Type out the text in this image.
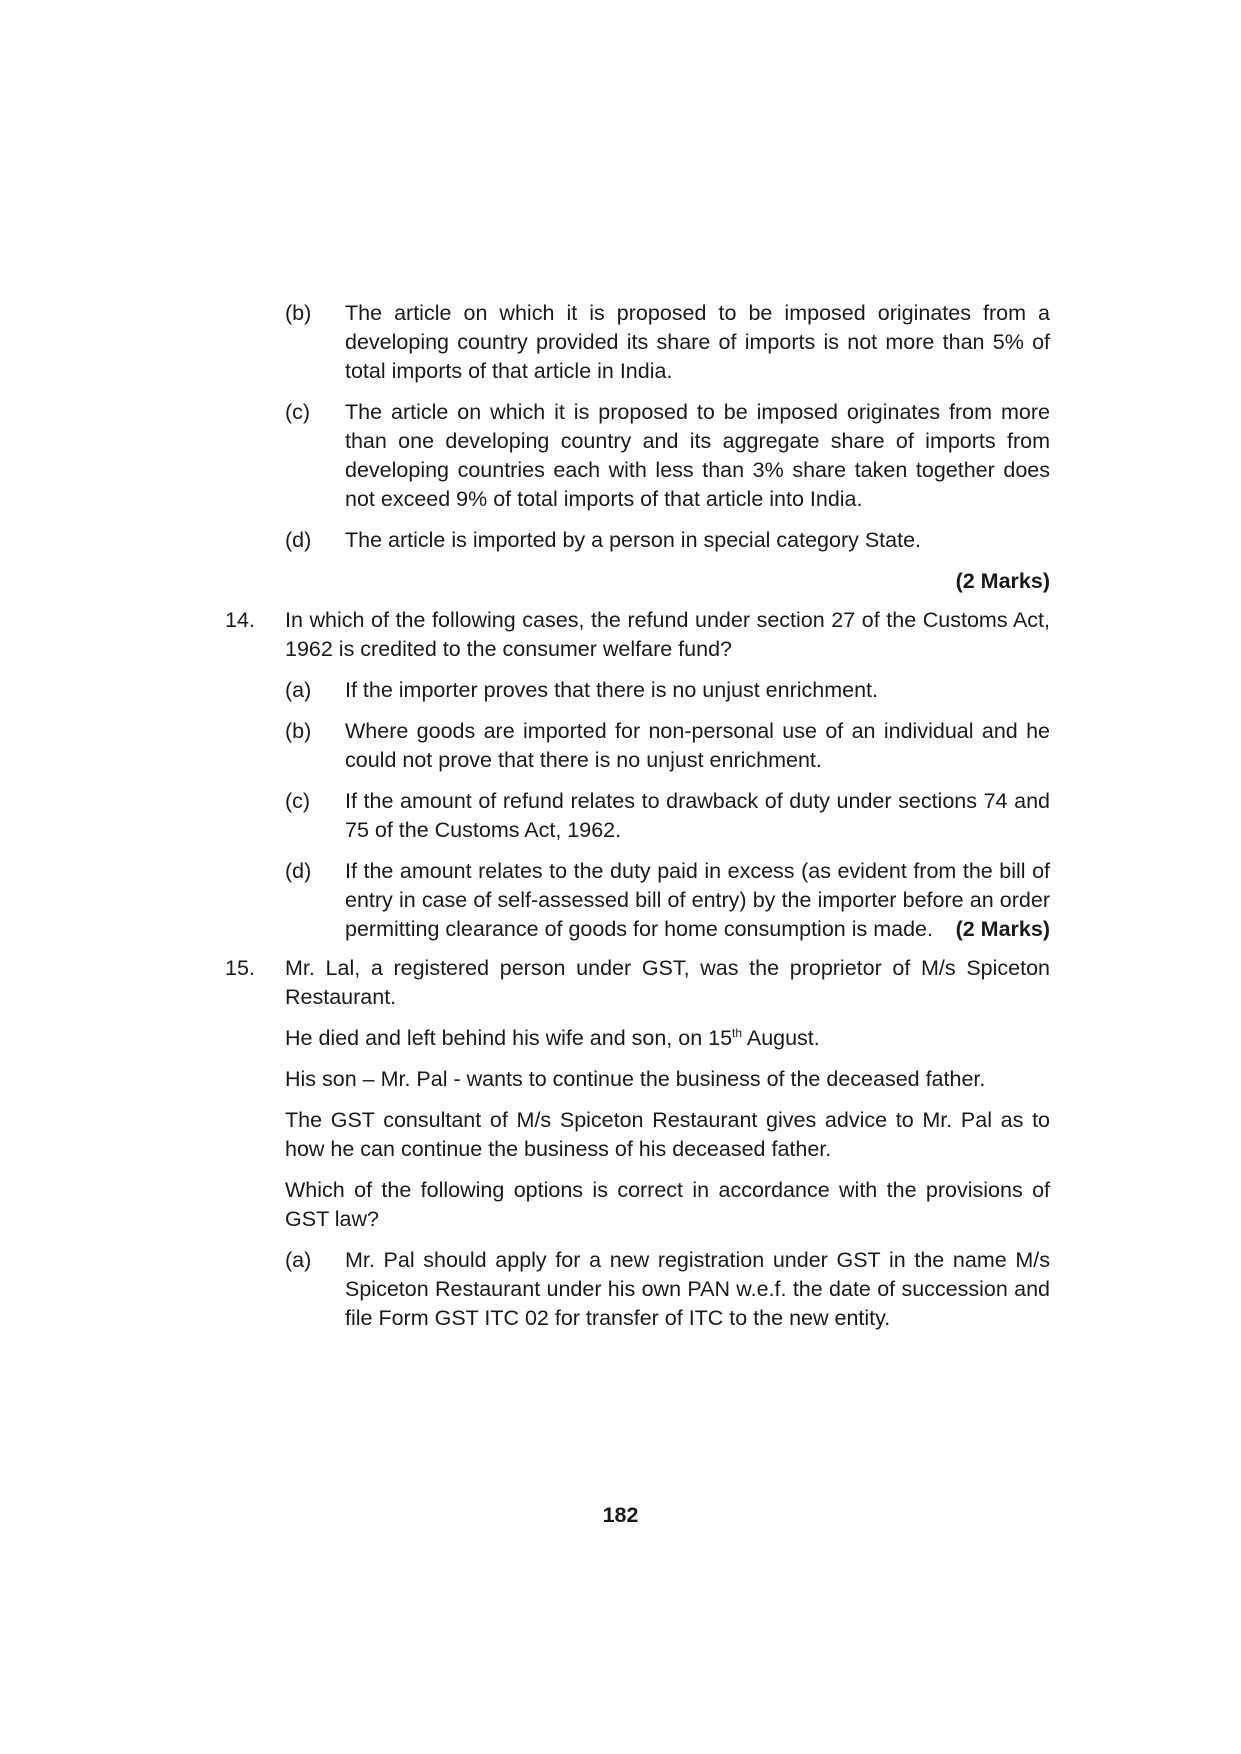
(b)	The article on which it is proposed to be imposed originates from a developing country provided its share of imports is not more than 5% of total imports of that article in India.
(c)	The article on which it is proposed to be imposed originates from more than one developing country and its aggregate share of imports from developing countries each with less than 3% share taken together does not exceed 9% of total imports of that article into India.
(d)	The article is imported by a person in special category State.
(2 Marks)
14.	In which of the following cases, the refund under section 27 of the Customs Act, 1962 is credited to the consumer welfare fund?

(a)	If the importer proves that there is no unjust enrichment.
(b)	Where goods are imported for non-personal use of an individual and he could not prove that there is no unjust enrichment.
(c)	If the amount of refund relates to drawback of duty under sections 74 and 75 of the Customs Act, 1962.
(d)	If the amount relates to the duty paid in excess (as evident from the bill of entry in case of self-assessed bill of entry) by the importer before an order permitting clearance of goods for home consumption is made. (2 Marks)
15.	Mr. Lal, a registered person under GST, was the proprietor of M/s Spiceton Restaurant.

He died and left behind his wife and son, on 15th August.

His son – Mr. Pal - wants to continue the business of the deceased father.

The GST consultant of M/s Spiceton Restaurant gives advice to Mr. Pal as to how he can continue the business of his deceased father.

Which of the following options is correct in accordance with the provisions of GST law?

(a)	Mr. Pal should apply for a new registration under GST in the name M/s Spiceton Restaurant under his own PAN w.e.f. the date of succession and file Form GST ITC 02 for transfer of ITC to the new entity.
182
